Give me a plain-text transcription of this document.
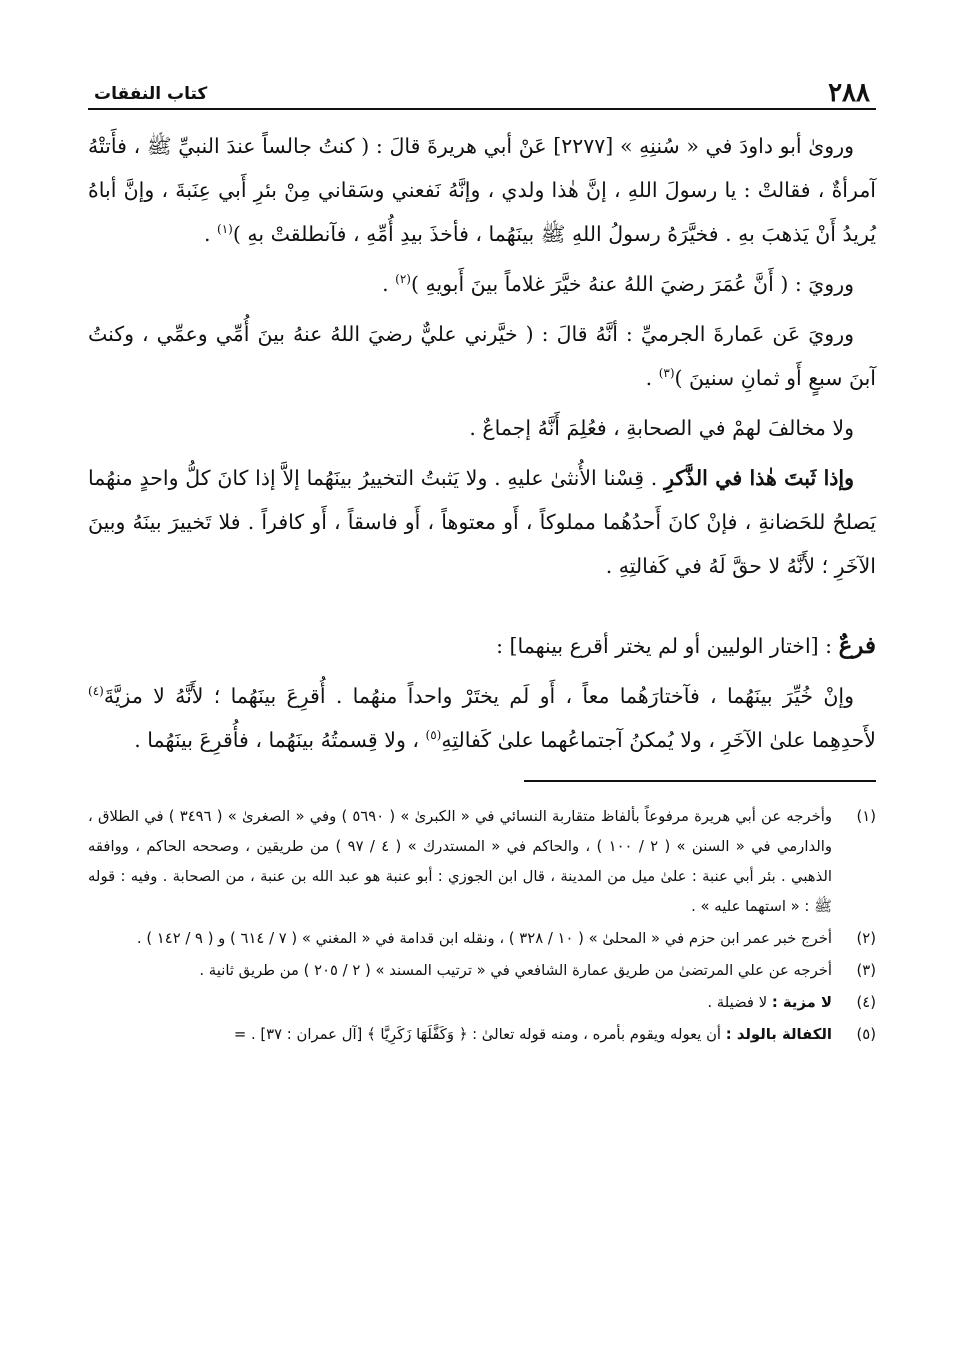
٢٨٨
كتاب النفقات

ورویٰ أبو داودَ في « سُننِهِ » [٢٢٧٧] عَنْ أبي هريرةَ قالَ : ( كنتُ جالساً عندَ النبيِّ ﷺ ، فأَتتْهُ آمرأةٌ ، فقالتْ : يا رسولَ اللهِ ، إنَّ هٰذا ولدي ، وإنَّهُ نَفعني وسَقاني مِنْ بئرِ أَبي عِنَبةَ ، وإنَّ أباهُ يُريدُ أَنْ يَذهبَ بهِ . فخيَّرَهُ رسولُ اللهِ ﷺ بينَهُما ، فأخذَ بيدِ أُمِّهِ ، فآنطلقتْ بهِ )$^{(١)}$ .

ورويَ : ( أَنَّ عُمَرَ رضيَ اللهُ عنهُ خيَّرَ غلاماً بينَ أَبويهِ )$^{(٢)}$ .

ورويَ عَن عَمارةَ الجرميِّ : أنَّهُ قالَ : ( خيَّرني عليٌّ رضيَ اللهُ عنهُ بينَ أُمِّي وعمِّي ، وكنتُ آبنَ سبعٍ أَو ثمانِ سنينَ )$^{(٣)}$ .

ولا مخالفَ لهمْ في الصحابةِ ، فعُلِمَ أَنَّهُ إجماعٌ .

وإذا ثَبتَ هٰذا في الذَّكرِ . قِسْنا الأُنثىٰ عليهِ . ولا يَثبتُ التخييرُ بينَهُما إلاَّ إذا كانَ كلُّ واحدٍ منهُما يَصلحُ للحَضانةِ ، فإنْ كانَ أَحدُهُما مملوكاً ، أَو معتوهاً ، أَو فاسقاً ، أَو كافراً . فلا تَخييرَ بينَهُ وبينَ الآخَرِ ؛ لأَنَّهُ لا حقَّ لَهُ في كَفالتِهِ .

فرعٌ : [اختار الوليين أو لم يختر أقرع بينهما] :

وإنْ خُيِّرَ بينَهُما ، فآختارَهُما معاً ، أَو لَم يختَرْ واحداً منهُما . أُقرِعَ بينَهُما ؛ لأَنَّهُ لا مزيَّةَ$^{(٤)}$ لأَحدِهِما علىٰ الآخَرِ ، ولا يُمكنُ آجتماعُهما علىٰ كَفالتِهِ$^{(٥)}$ ، ولا قِسمتُهُ بينَهُما ، فأُقرِعَ بينَهُما .

(١)
وأخرجه عن أبي هريرة مرفوعاً بألفاظ متقاربة النسائي في « الكبرىٰ » ( ٥٦٩٠ ) وفي « الصغرىٰ » ( ٣٤٩٦ ) في الطلاق ، والدارمي في « السنن » ( ٢ / ١٠٠ ) ، والحاكم في « المستدرك » ( ٤ / ٩٧ ) من طريقين ، وصححه الحاكم ، ووافقه الذهبي . بئر أبي عنبة : علىٰ ميل من المدينة ، قال ابن الجوزي : أبو عنبة هو عبد الله بن عنبة ، من الصحابة . وفيه : قوله ﷺ : « استهما عليه » .
(٢)
أخرج خبر عمر ابن حزم في « المحلىٰ » ( ١٠ / ٣٢٨ ) ، ونقله ابن قدامة في « المغني » ( ٧ / ٦١٤ ) و ( ٩ / ١٤٢ ) .
(٣)
أخرجه عن علي المرتضىٰ من طريق عمارة الشافعي في « ترتيب المسند » ( ٢ / ٢٠٥ ) من طريق ثانية .
(٤)
لا مزية : لا فضيلة .
(٥)
الكفالة بالولد : أن يعوله ويقوم بأمره ، ومنه قوله تعالىٰ : ﴿ وَكَفَّلَهَا زَكَرِيَّا ﴾ [آل عمران : ٣٧] . =
